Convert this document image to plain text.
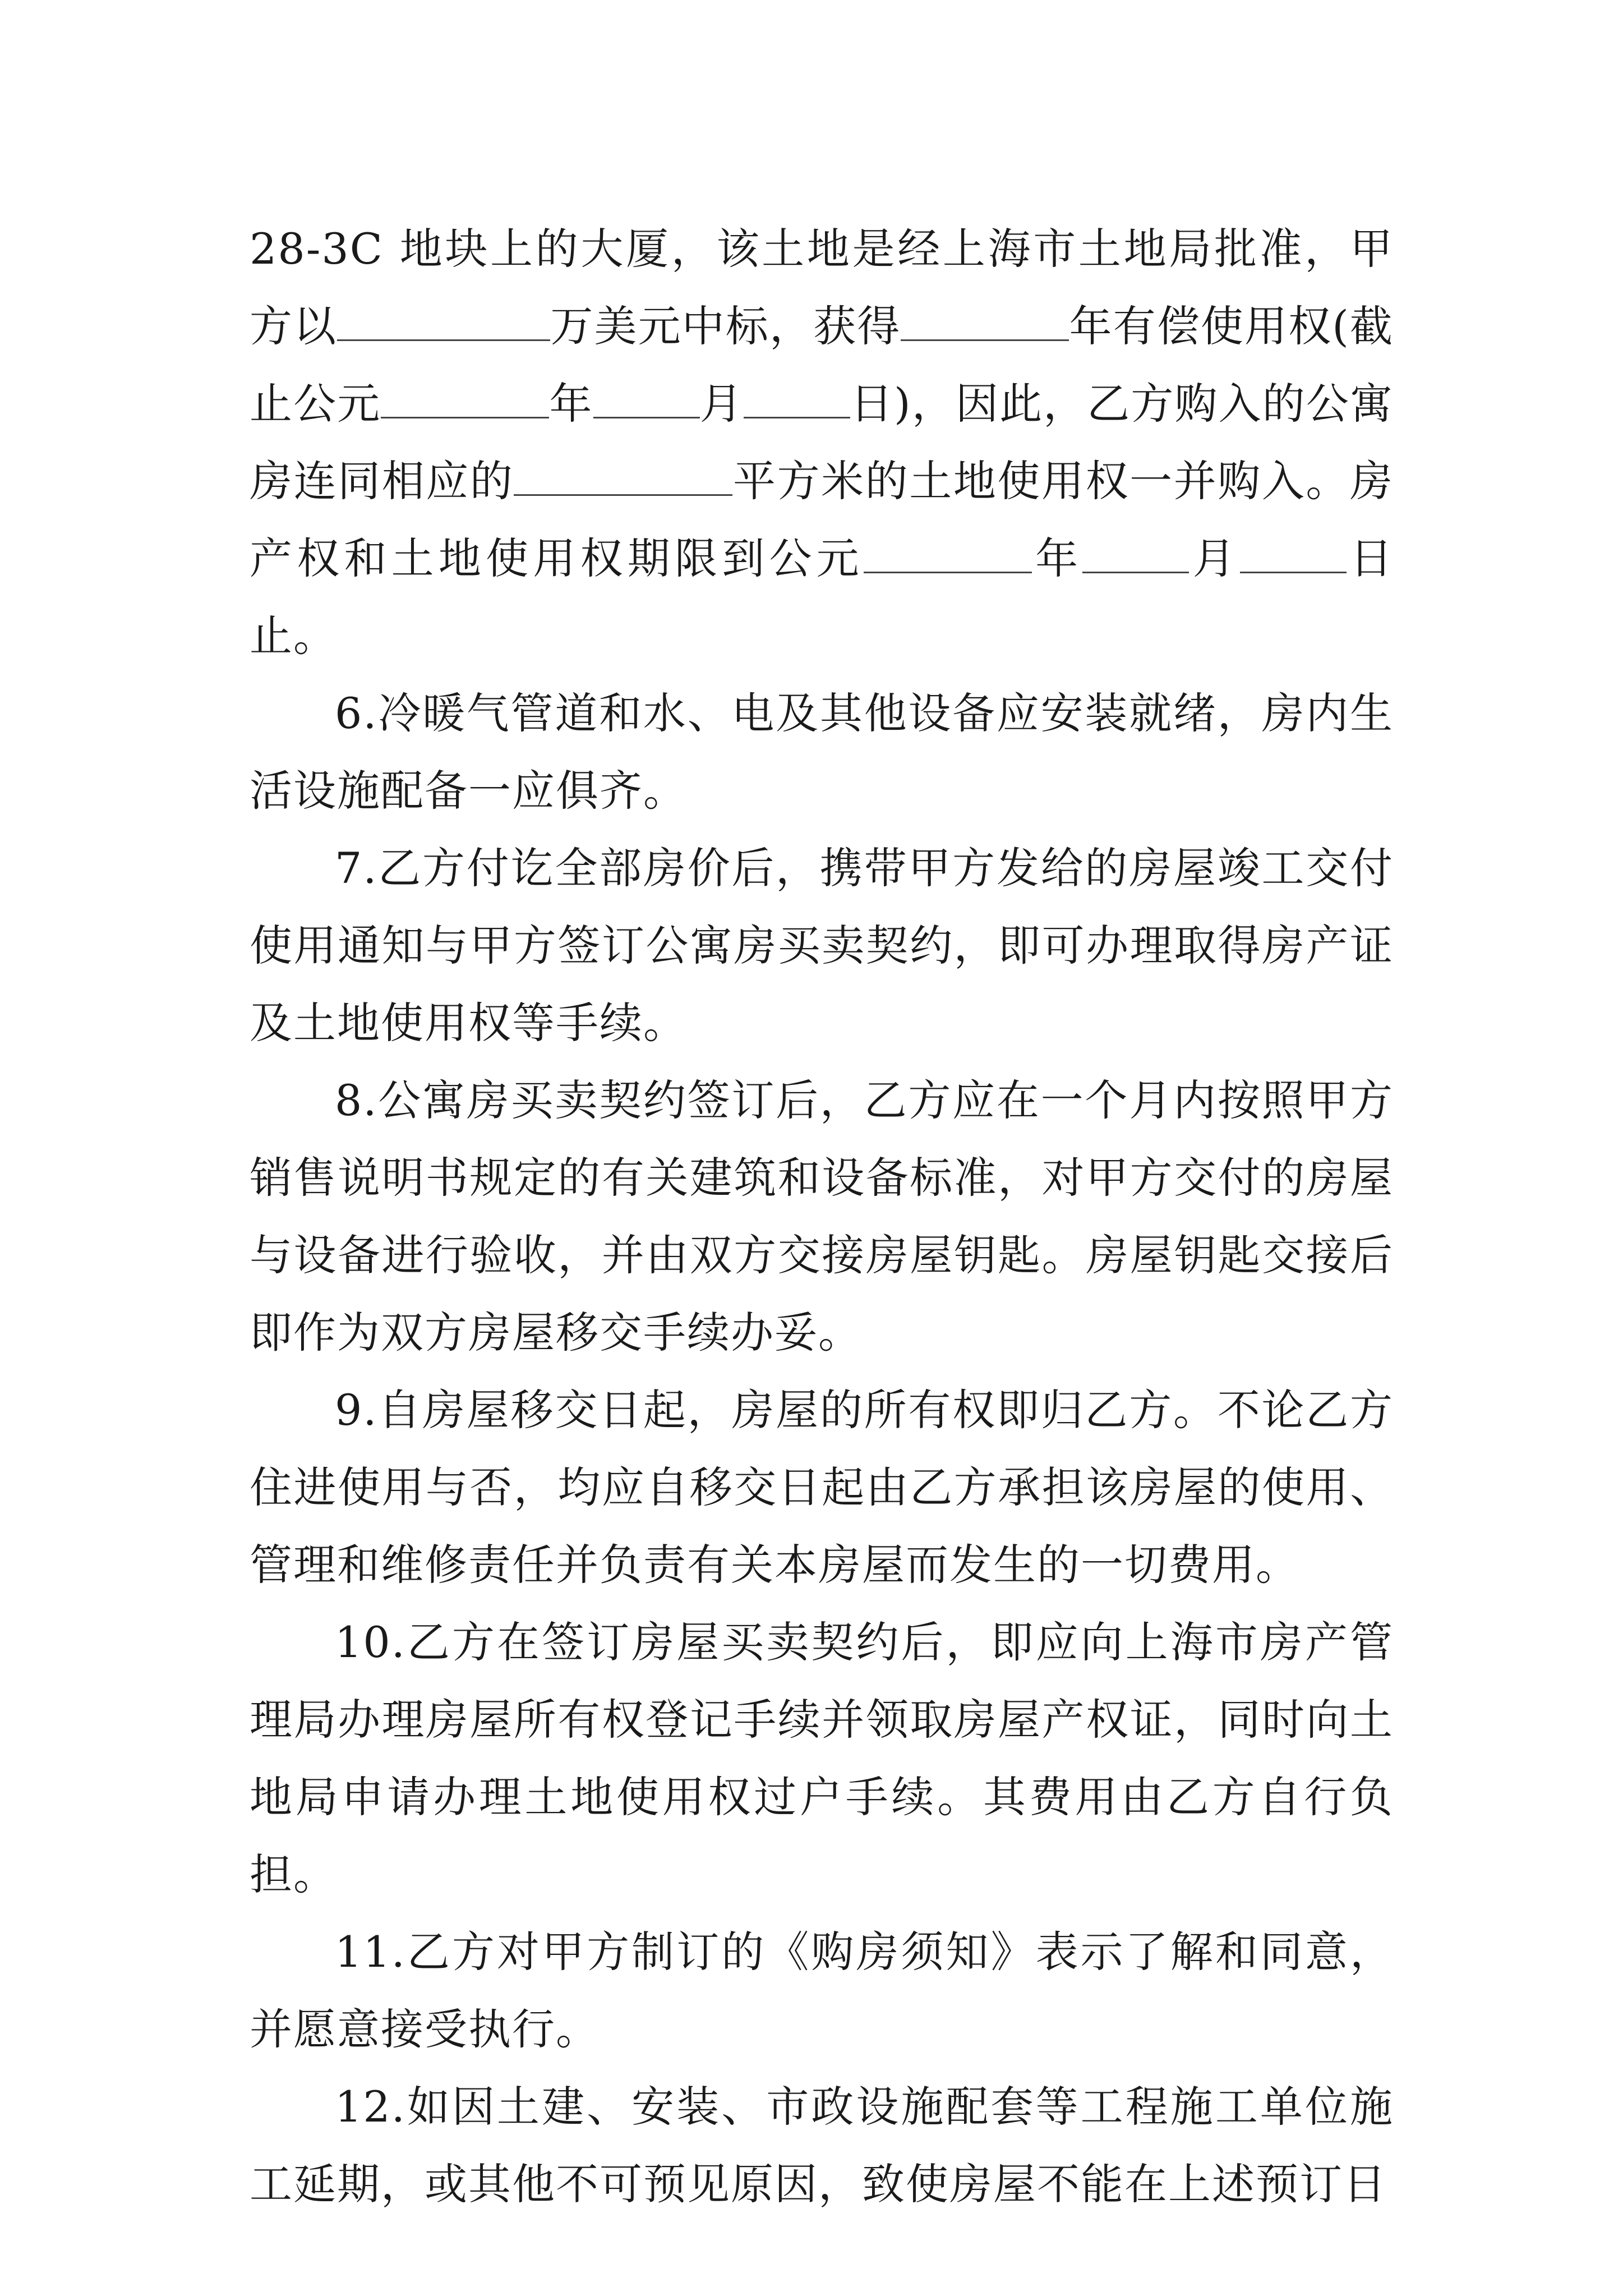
28-3C 地块上的大厦，该土地是经上海市土地局批准，甲方以	万美元中标，获得	年有偿使用权(截止公元	年	月	日)，因此，乙方购入的公寓房连同相应的	平方米的土地使用权一并购入。房产权和土地使用权期限到公元	年	月	日止。

6.冷暖气管道和水、电及其他设备应安装就绪，房内生活设施配备一应俱齐。

7.乙方付讫全部房价后，携带甲方发给的房屋竣工交付使用通知与甲方签订公寓房买卖契约，即可办理取得房产证及土地使用权等手续。

8.公寓房买卖契约签订后，乙方应在一个月内按照甲方销售说明书规定的有关建筑和设备标准，对甲方交付的房屋与设备进行验收，并由双方交接房屋钥匙。房屋钥匙交接后即作为双方房屋移交手续办妥。

9.自房屋移交日起，房屋的所有权即归乙方。不论乙方住进使用与否，均应自移交日起由乙方承担该房屋的使用、管理和维修责任并负责有关本房屋而发生的一切费用。

10.乙方在签订房屋买卖契约后，即应向上海市房产管理局办理房屋所有权登记手续并领取房屋产权证，同时向土地局申请办理土地使用权过户手续。其费用由乙方自行负担。

11.乙方对甲方制订的《购房须知》表示了解和同意，并愿意接受执行。

12.如因土建、安装、市政设施配套等工程施工单位施工延期，或其他不可预见原因，致使房屋不能在上述预订日
